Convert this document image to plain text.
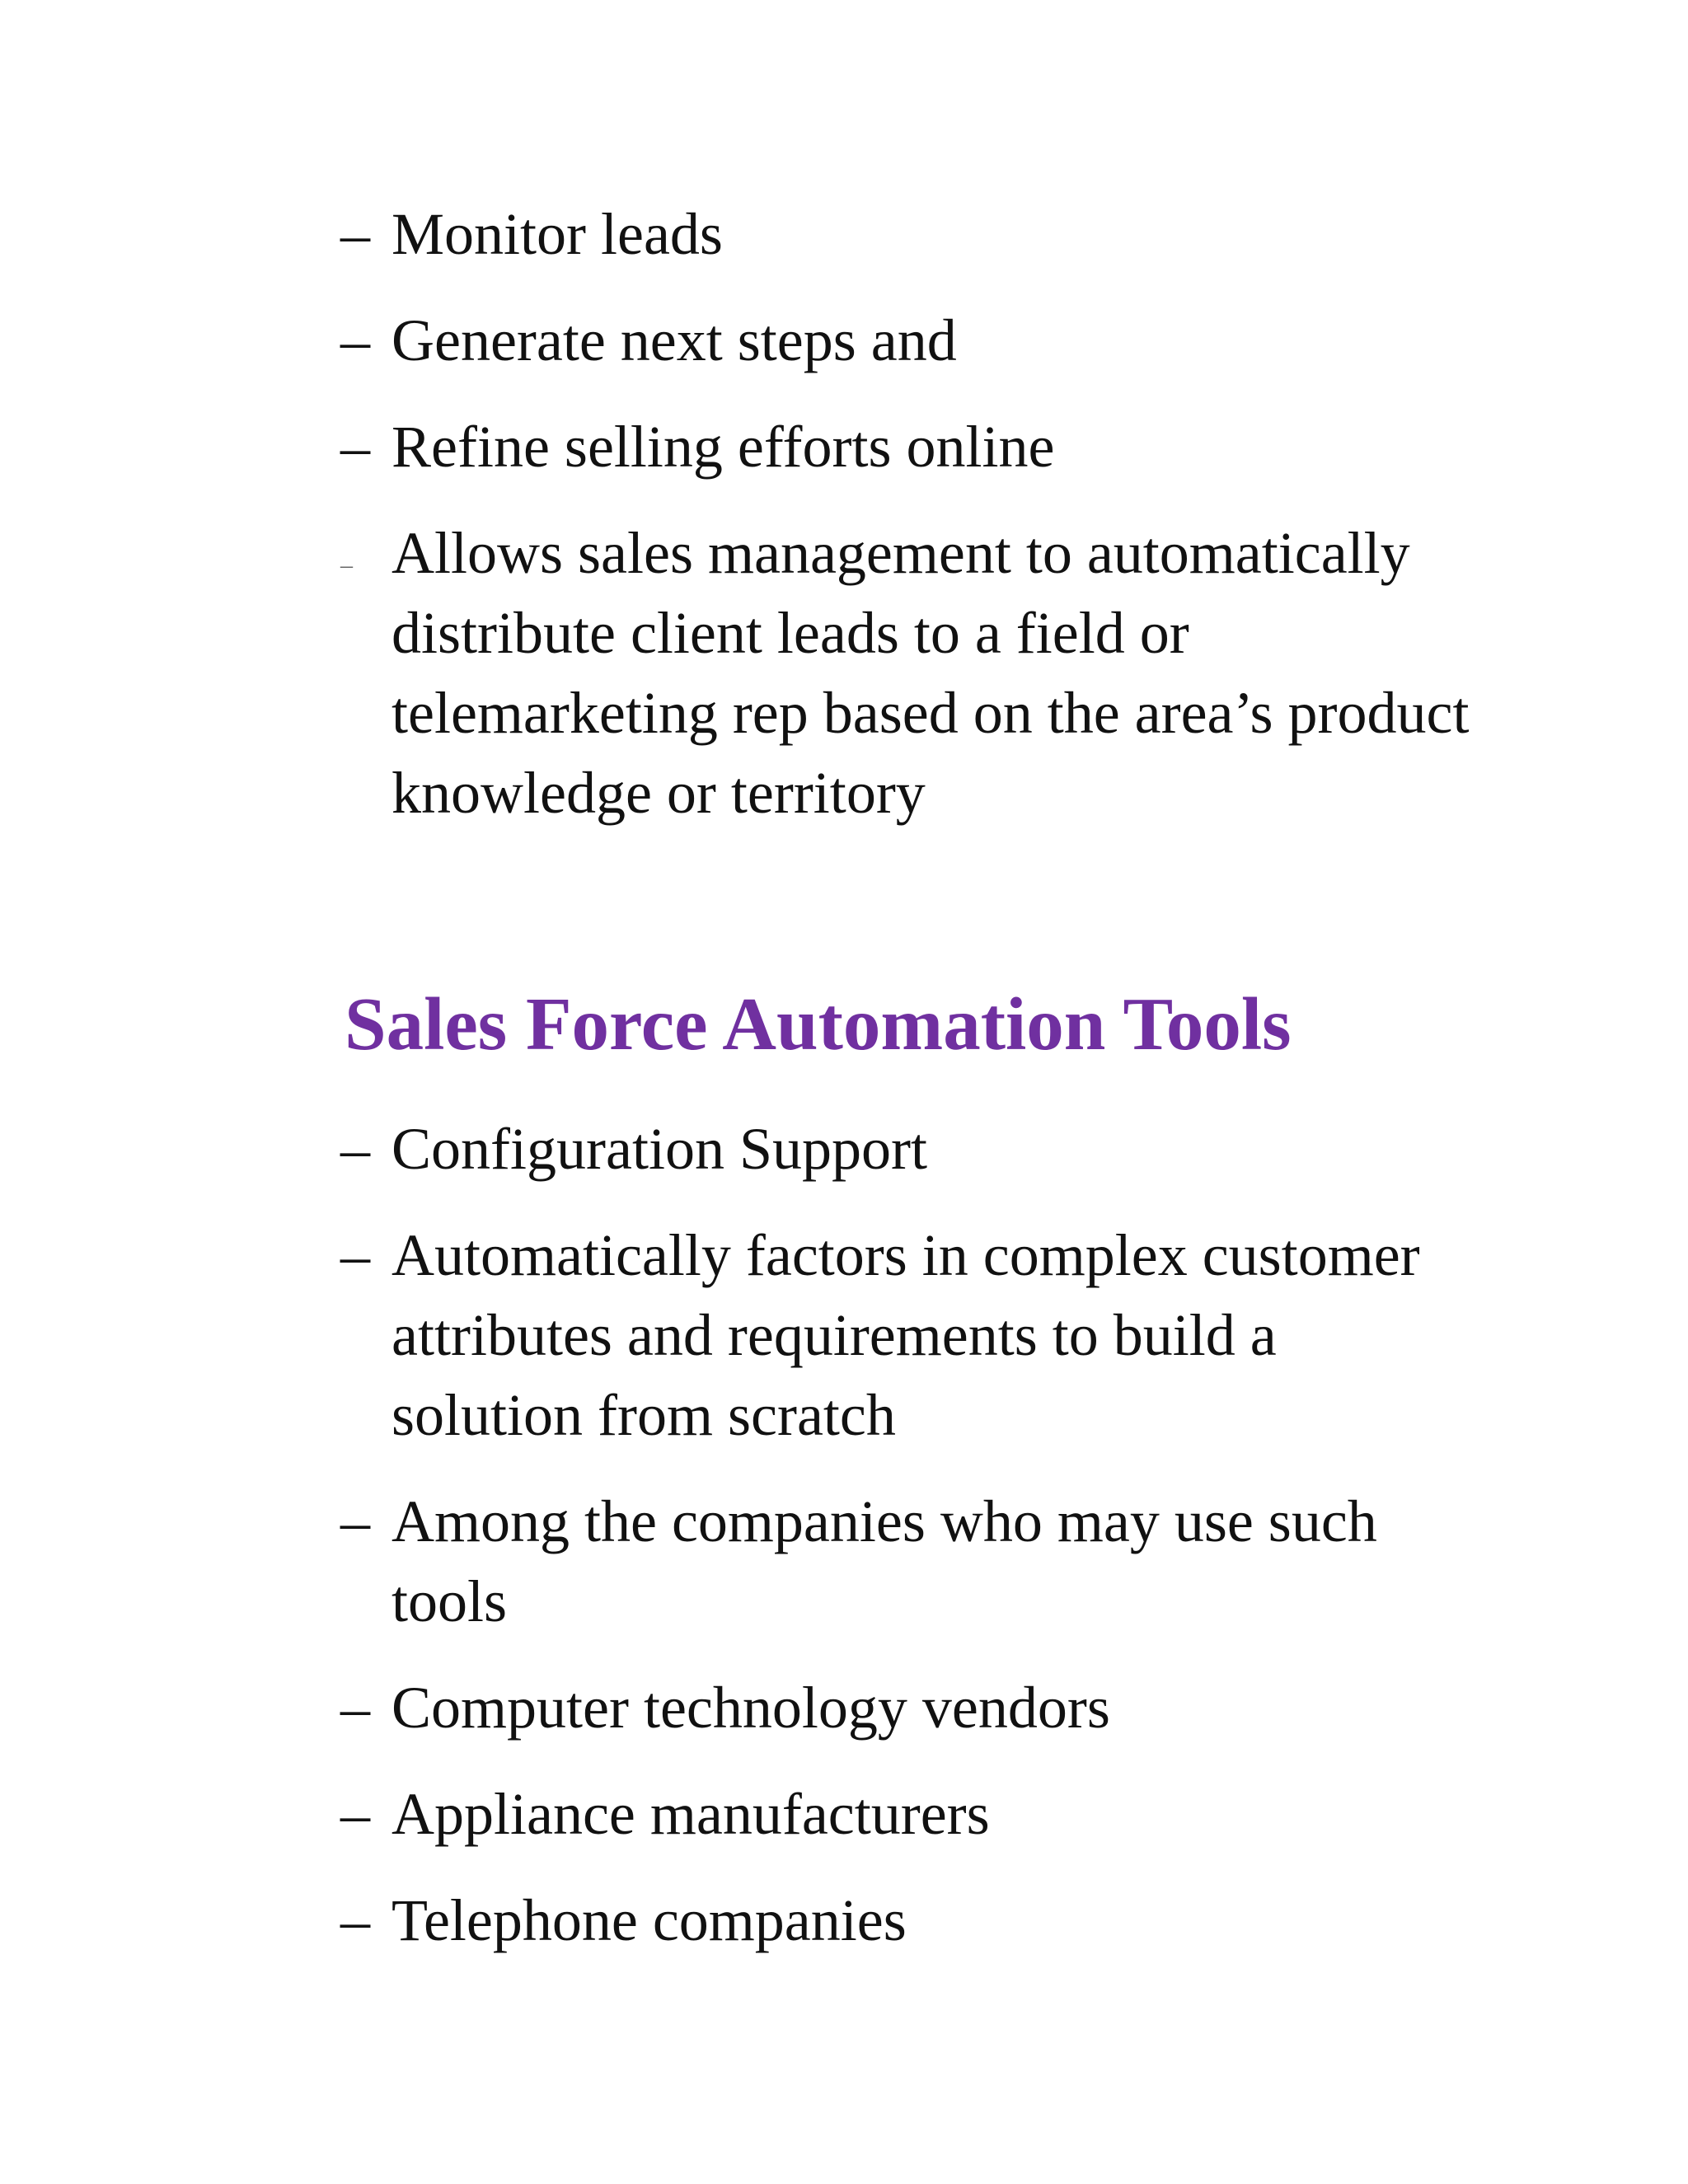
– Monitor leads
– Generate next steps and
– Refine selling efforts online
– Allows sales management to automatically distribute client leads to a field or telemarketing rep based on the area’s product knowledge or territory
Sales Force Automation Tools
– Configuration Support
– Automatically factors in complex customer attributes and requirements to build a solution from scratch
– Among the companies who may use such tools
– Computer technology vendors
– Appliance manufacturers
– Telephone companies
